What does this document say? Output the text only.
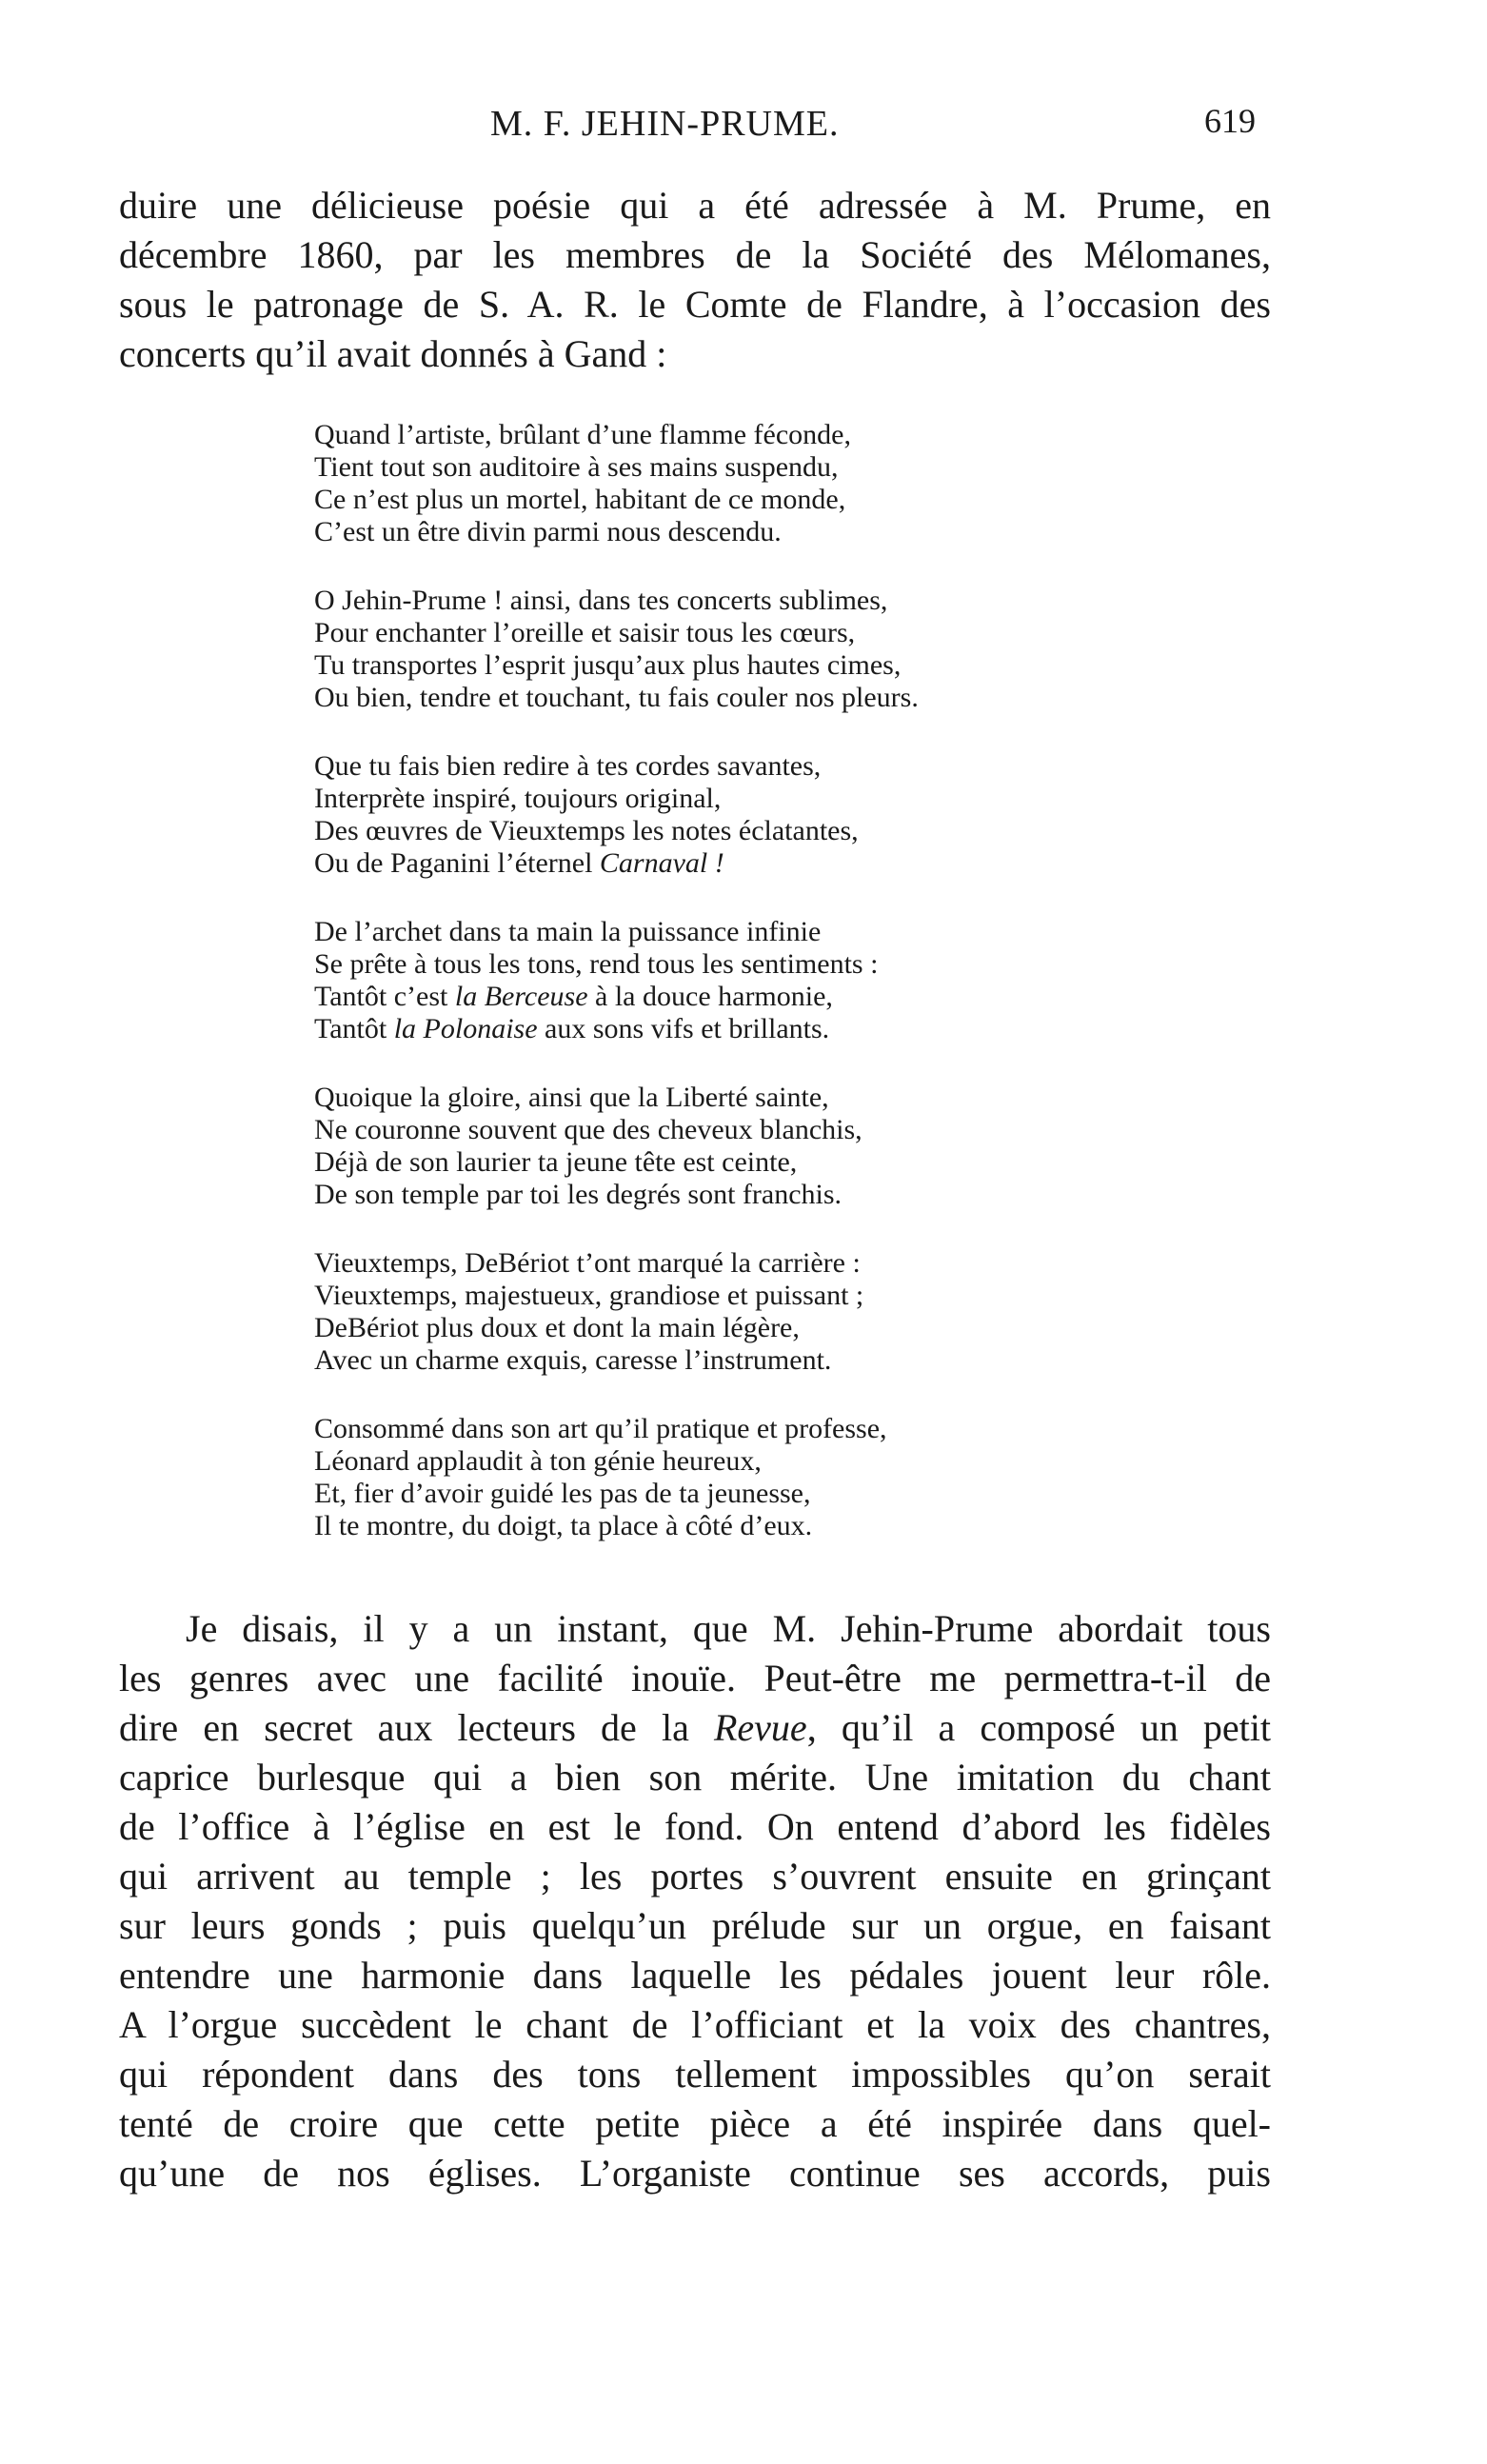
M. F. JEHIN-PRUME.	619
duire une délicieuse poésie qui a été adressée à M. Prume, en
décembre 1860, par les membres de la Société des Mélomanes,
sous le patronage de S. A. R. le Comte de Flandre, à l’occasion des
concerts qu’il avait donnés à Gand :
Quand l’artiste, brûlant d’une flamme féconde,
Tient tout son auditoire à ses mains suspendu,
Ce n’est plus un mortel, habitant de ce monde,
C’est un être divin parmi nous descendu.
O Jehin-Prume ! ainsi, dans tes concerts sublimes,
Pour enchanter l’oreille et saisir tous les cœurs,
Tu transportes l’esprit jusqu’aux plus hautes cimes,
Ou bien, tendre et touchant, tu fais couler nos pleurs.
Que tu fais bien redire à tes cordes savantes,
Interprète inspiré, toujours original,
Des œuvres de Vieuxtemps les notes éclatantes,
Ou de Paganini l’éternel Carnaval !
De l’archet dans ta main la puissance infinie
Se prête à tous les tons, rend tous les sentiments :
Tantôt c’est la Berceuse à la douce harmonie,
Tantôt la Polonaise aux sons vifs et brillants.
Quoique la gloire, ainsi que la Liberté sainte,
Ne couronne souvent que des cheveux blanchis,
Déjà de son laurier ta jeune tête est ceinte,
De son temple par toi les degrés sont franchis.
Vieuxtemps, DeBériot t’ont marqué la carrière :
Vieuxtemps, majestueux, grandiose et puissant ;
DeBériot plus doux et dont la main légère,
Avec un charme exquis, caresse l’instrument.
Consommé dans son art qu’il pratique et professe,
Léonard applaudit à ton génie heureux,
Et, fier d’avoir guidé les pas de ta jeunesse,
Il te montre, du doigt, ta place à côté d’eux.
Je disais, il y a un instant, que M. Jehin-Prume abordait tous
les genres avec une facilité inouïe. Peut-être me permettra-t-il de
dire en secret aux lecteurs de la Revue, qu’il a composé un petit
caprice burlesque qui a bien son mérite. Une imitation du chant
de l’office à l’église en est le fond. On entend d’abord les fidèles
qui arrivent au temple ; les portes s’ouvrent ensuite en grinçant
sur leurs gonds ; puis quelqu’un prélude sur un orgue, en faisant
entendre une harmonie dans laquelle les pédales jouent leur rôle.
A l’orgue succèdent le chant de l’officiant et la voix des chantres,
qui répondent dans des tons tellement impossibles qu’on serait
tenté de croire que cette petite pièce a été inspirée dans quel-
qu’une de nos églises. L’organiste continue ses accords, puis
